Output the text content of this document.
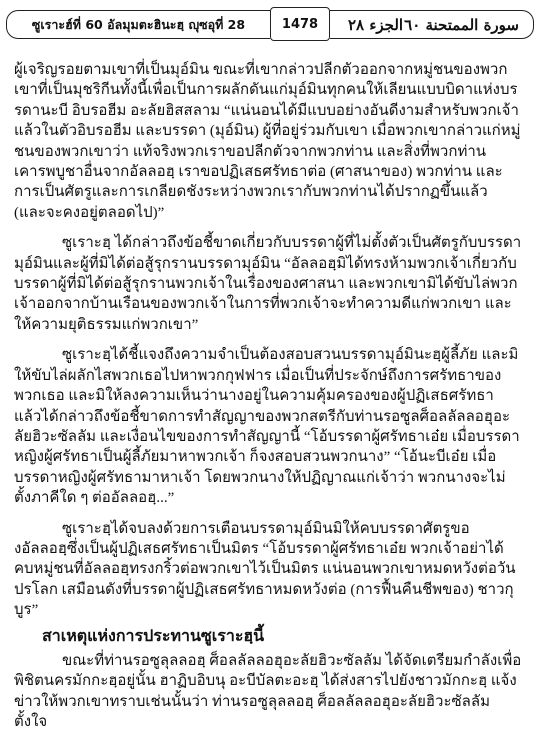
ซูเราะฮ์ที่ 60 อัลมุมตะฮินะฮฺ ญุซอุที่ 28	1478	سورة الممتحنة ٦٠
الجزء ٢٨

ผู้เจริญรอยตามเขาที่เป็นมุอ์มิน ขณะที่เขากล่าวปลีกตัวออกจากหมู่ชนของพวกเขาที่เป็นมุชริกีนทั้งนี้เพื่อเป็นการผลักดันแก่มุอ์มินทุกคนให้เลียนแบบบิดาแห่งบรรดานะบี อิบรอฮีม อะลัยฮิสสลาม “แน่นอนได้มีแบบอย่างอันดีงามสำหรับพวกเจ้าแล้วในตัวอิบรอฮีม และบรรดา (มุอ์มิน) ผู้ที่อยู่ร่วมกับเขา เมื่อพวกเขากล่าวแก่หมู่ชนของพวกเขาว่า แท้จริงพวกเราขอปลีกตัวจากพวกท่าน และสิ่งที่พวกท่านเคารพบูชาอื่นจากอัลลอฮฺ เราขอปฏิเสธศรัทธาต่อ (ศาสนาของ) พวกท่าน และการเป็นศัตรูและการเกลียดชังระหว่างพวกเรากับพวกท่านได้ปรากฏขึ้นแล้ว (และจะคงอยู่ตลอดไป)”

ซูเราะฮฺ ได้กล่าวถึงข้อชี้ขาดเกี่ยวกับบรรดาผู้ที่ไม่ตั้งตัวเป็นศัตรูกับบรรดามุอ์มินและผู้ที่มิได้ต่อสู้รุกรานบรรดามุอ์มิน “อัลลอฮฺมิได้ทรงห้ามพวกเจ้าเกี่ยวกับบรรดาผู้ที่มิได้ต่อสู้รุกรานพวกเจ้าในเรื่องของศาสนา และพวกเขามิได้ขับไล่พวกเจ้าออกจากบ้านเรือนของพวกเจ้าในการที่พวกเจ้าจะทำความดีแก่พวกเขา และให้ความยุติธรรมแก่พวกเขา”

ซูเราะฮฺได้ชี้แจงถึงความจำเป็นต้องสอบสวนบรรดามุอ์มินะฮฺผู้ลี้ภัย และมิให้ขับไล่ผลักไสพวกเธอไปหาพวกกุฟฟาร เมื่อเป็นที่ประจักษ์ถึงการศรัทธาของพวกเธอ และมิให้ลงความเห็นว่านางอยู่ในความคุ้มครองของผู้ปฏิเสธศรัทธา แล้วได้กล่าวถึงข้อชี้ขาดการทำสัญญาของพวกสตรีกับท่านรอซูลศ็อลลัลลอฮุอะลัยฮิวะซัลลัม และเงื่อนไขของการทำสัญญานี้ “โอ้บรรดาผู้ศรัทธาเอ๋ย เมื่อบรรดาหญิงผู้ศรัทธาเป็นผู้ลี้ภัยมาหาพวกเจ้า ก็จงสอบสวนพวกนาง” “โอ้นะบีเอ๋ย เมื่อบรรดาหญิงผู้ศรัทธามาหาเจ้า โดยพวกนางให้ปฏิญาณแก่เจ้าว่า พวกนางจะไม่ตั้งภาคีใด ๆ ต่ออัลลอฮฺ...”

ซูเราะฮฺได้จบลงด้วยการเตือนบรรดามุอ์มินมิให้คบบรรดาศัตรูของอัลลอฮฺซึ่งเป็นผู้ปฏิเสธศรัทธาเป็นมิตร “โอ้บรรดาผู้ศรัทธาเอ๋ย พวกเจ้าอย่าได้คบหมู่ชนที่อัลลอฮฺทรงกริ้วต่อพวกเขาไว้เป็นมิตร แน่นอนพวกเขาหมดหวังต่อวันปรโลก เสมือนดังที่บรรดาผู้ปฏิเสธศรัทธาหมดหวังต่อ (การฟื้นคืนชีพของ) ชาวกุบูร”

สาเหตุแห่งการประทานซูเราะฮฺนี้

ขณะที่ท่านรอซูลุลลอฮฺ ศ็อลลัลลอฮุอะลัยฮิวะซัลลัม ได้จัดเตรียมกำลังเพื่อพิชิตนครมักกะฮฺอยู่นั้น ฮาฏิบอิบนุ อะบีบัลตะอะฮฺ ได้ส่งสารไปยังชาวมักกะฮฺ แจ้งข่าวให้พวกเขาทราบเช่นนั้นว่า ท่านรอซูลุลลอฮฺ ศ็อลลัลลอฮุอะลัยฮิวะซัลลัม ตั้งใจ
